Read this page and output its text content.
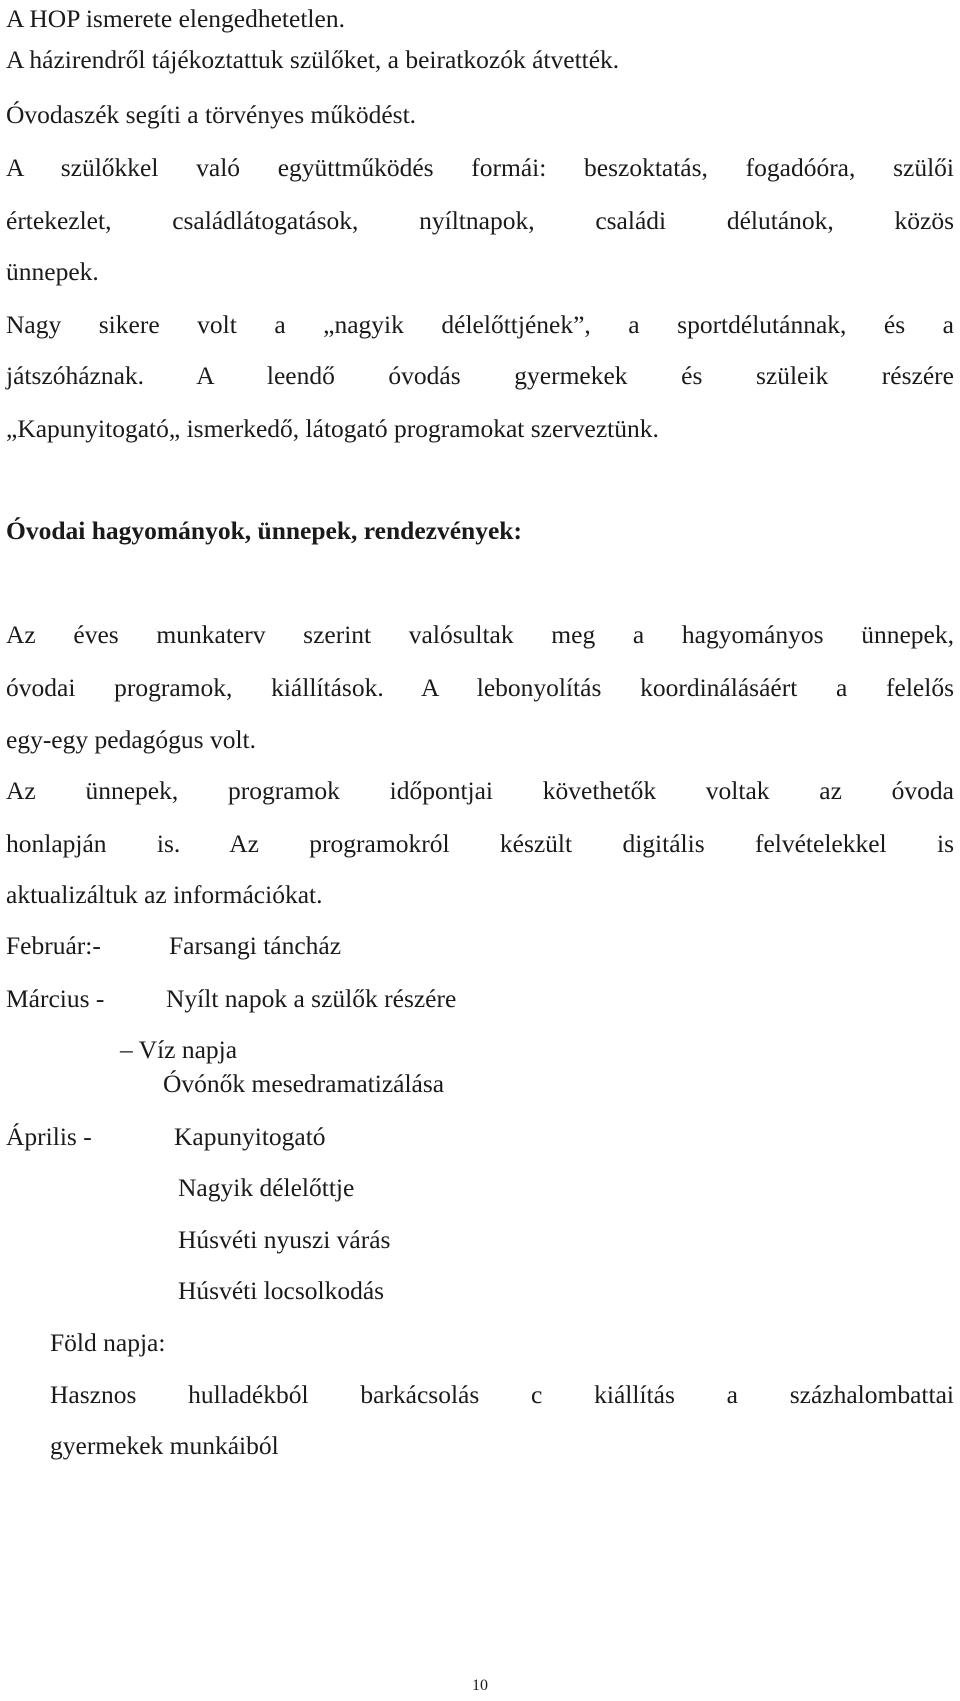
A HOP ismerete elengedhetetlen.
A házirendről tájékoztattuk szülőket, a beiratkozók átvették.
Óvodaszék segíti a törvényes működést.
A szülőkkel való együttműködés formái: beszoktatás, fogadóóra, szülői
értekezlet, családlátogatások, nyíltnapok, családi délutánok, közös
ünnepek.
Nagy sikere volt a „nagyik délelőttjének”, a sportdélutánnak, és a
játszóháznak. A leendő óvodás gyermekek és szüleik részére
„Kapunyitogató„ ismerkedő, látogató programokat szerveztünk.
Óvodai hagyományok, ünnepek, rendezvények:
Az éves munkaterv szerint valósultak meg a hagyományos ünnepek,
óvodai programok, kiállítások. A lebonyolítás koordinálásáért a felelős
egy-egy pedagógus volt.
Az ünnepek, programok időpontjai követhetők voltak az óvoda
honlapján is. Az programokról készült digitális felvételekkel is
aktualizáltuk az információkat.
Február:-	Farsangi táncház
Március - Nyílt napok a szülők részére
– Víz napja
Óvónők mesedramatizálása
Április -	Kapunyitogató
Nagyik délelőttje
Húsvéti nyuszi várás
Húsvéti locsolkodás
Föld napja:
Hasznos hulladékból barkácsolás c kiállítás a százhalombattai
gyermekek munkáiból
10
